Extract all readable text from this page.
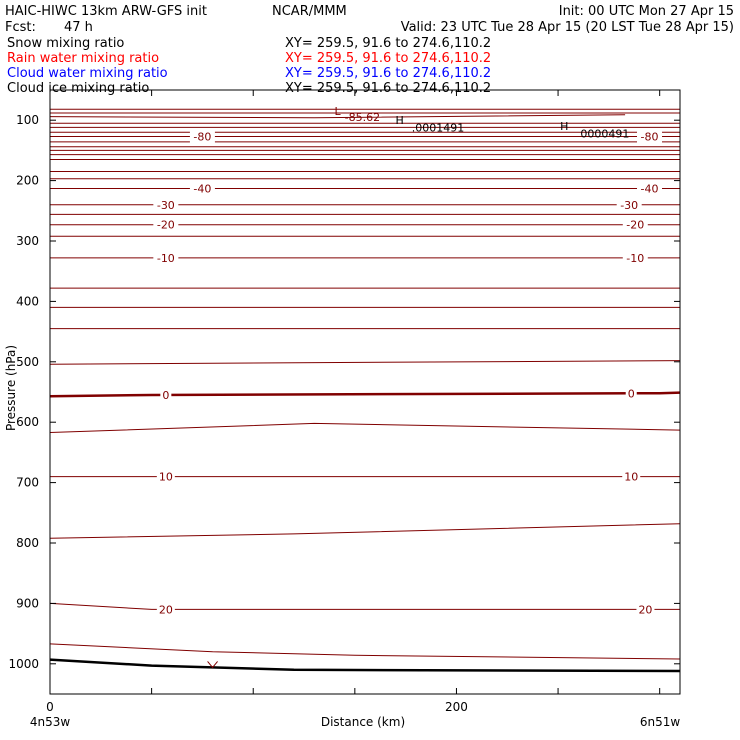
HAIC-HIWC 13km ARW-GFS init	NCAR/MMM	Init: 00 UTC Mon 27 Apr 15
Fcst: 47 h	Valid: 23 UTC Tue 28 Apr 15 (20 LST Tue 28 Apr 15)
Snow mixing ratio	XY= 259.5, 91.6 to 274.6,110.2
Rain water mixing ratio	XY= 259.5, 91.6 to 274.6,110.2
Cloud water mixing ratio	XY= 259.5, 91.6 to 274.6,110.2
Cloud ice mixing ratio	XY= 259.5, 91.6 to 274.6,110.2
-80	-80
-40	-40
-30	-30
-20	-20
-10	-10
0	0
10	10
20	20
L -85.62 H
.0001491	H
0000491
100
200
300
400
500
600
700
800
900
1000
0	200
4n53w	6n51w
Distance (km)
Pressure (hPa)
